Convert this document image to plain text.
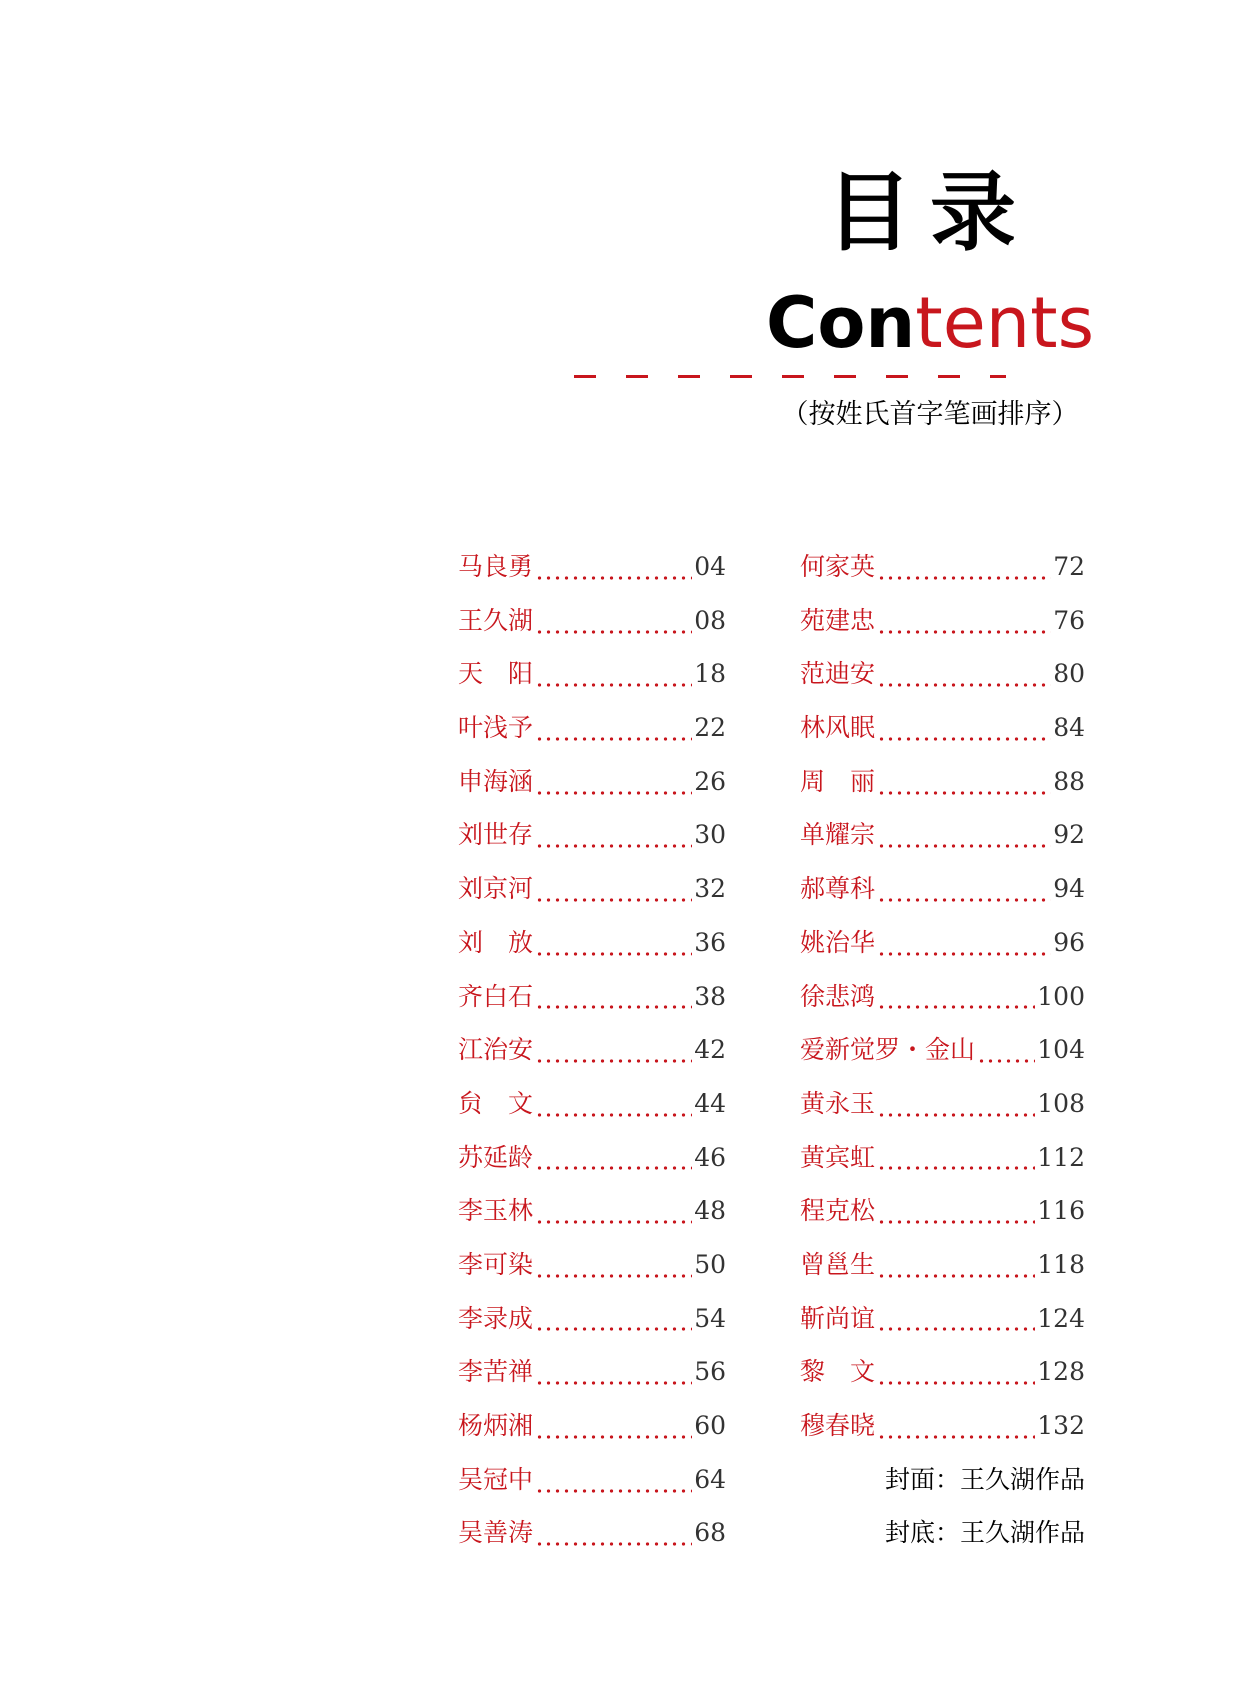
目录
Contents

（按姓氏首字笔画排序）

马良勇	04
王久湖	08
天　阳	18
叶浅予	22
申海涵	26
刘世存	30
刘京河	32
刘　放	36
齐白石	38
江治安	42
贠　文	44
苏延龄	46
李玉林	48
李可染	50
李录成	54
李苦禅	56
杨炳湘	60
吴冠中	64
吴善涛	68
何家英	72
苑建忠	76
范迪安	80
林风眠	84
周　丽	88
单耀宗	92
郝尊科	94
姚治华	96
徐悲鸿	100
爱新觉罗・金山 104
黄永玉	108
黄宾虹	112
程克松	116
曾邕生	118
靳尚谊	124
黎　文	128
穆春晓	132
封面：王久湖作品
封底：王久湖作品
